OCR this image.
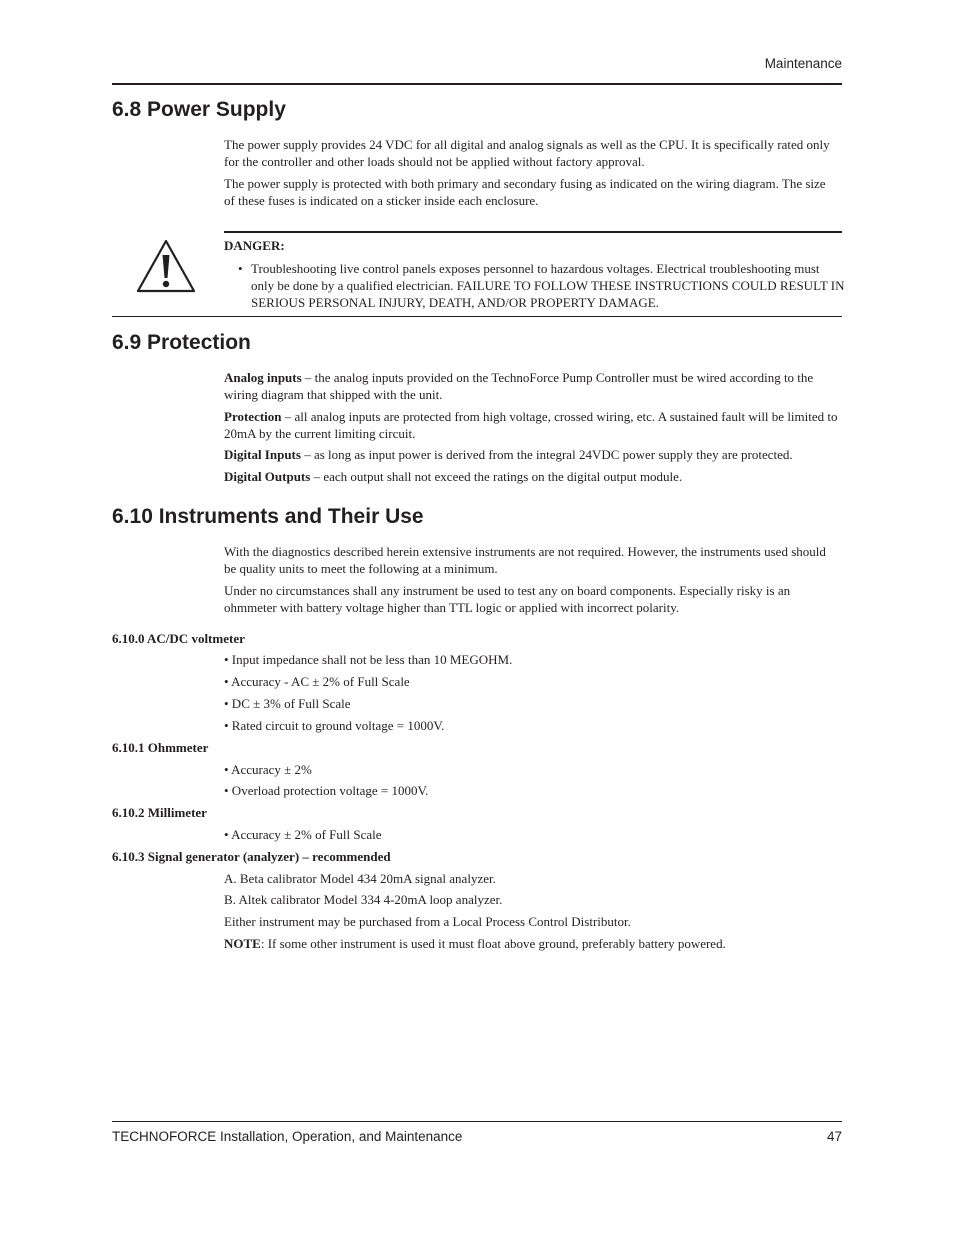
Maintenance
6.8 Power Supply

The power supply provides 24 VDC for all digital and analog signals as well as the CPU. It is specifically rated only for the controller and other loads should not be applied without factory approval.

The power supply is protected with both primary and secondary fusing as indicated on the wiring diagram. The size of these fuses is indicated on a sticker inside each enclosure.

DANGER:
• Troubleshooting live control panels exposes personnel to hazardous voltages. Electrical troubleshooting must only be done by a qualified electrician. FAILURE TO FOLLOW THESE INSTRUCTIONS COULD RESULT IN SERIOUS PERSONAL INJURY, DEATH, AND/OR PROPERTY DAMAGE.
6.9 Protection

Analog inputs – the analog inputs provided on the TechnoForce Pump Controller must be wired according to the wiring diagram that shipped with the unit.

Protection – all analog inputs are protected from high voltage, crossed wiring, etc. A sustained fault will be limited to 20mA by the current limiting circuit.

Digital Inputs – as long as input power is derived from the integral 24VDC power supply they are protected.

Digital Outputs – each output shall not exceed the ratings on the digital output module.

6.10 Instruments and Their Use

With the diagnostics described herein extensive instruments are not required. However, the instruments used should be quality units to meet the following at a minimum.

Under no circumstances shall any instrument be used to test any on board components. Especially risky is an ohmmeter with battery voltage higher than TTL logic or applied with incorrect polarity.

6.10.0 AC/DC voltmeter
• Input impedance shall not be less than 10 MEGOHM.
• Accuracy - AC ± 2% of Full Scale
• DC ± 3% of Full Scale
• Rated circuit to ground voltage = 1000V.
6.10.1 Ohmmeter
• Accuracy ± 2%
• Overload protection voltage = 1000V.
6.10.2 Millimeter
• Accuracy ± 2% of Full Scale
6.10.3 Signal generator (analyzer) – recommended
A. Beta calibrator Model 434 20mA signal analyzer.
B. Altek calibrator Model 334 4-20mA loop analyzer.
Either instrument may be purchased from a Local Process Control Distributor.
NOTE: If some other instrument is used it must float above ground, preferably battery powered.
TECHNOFORCE Installation, Operation, and Maintenance	47
